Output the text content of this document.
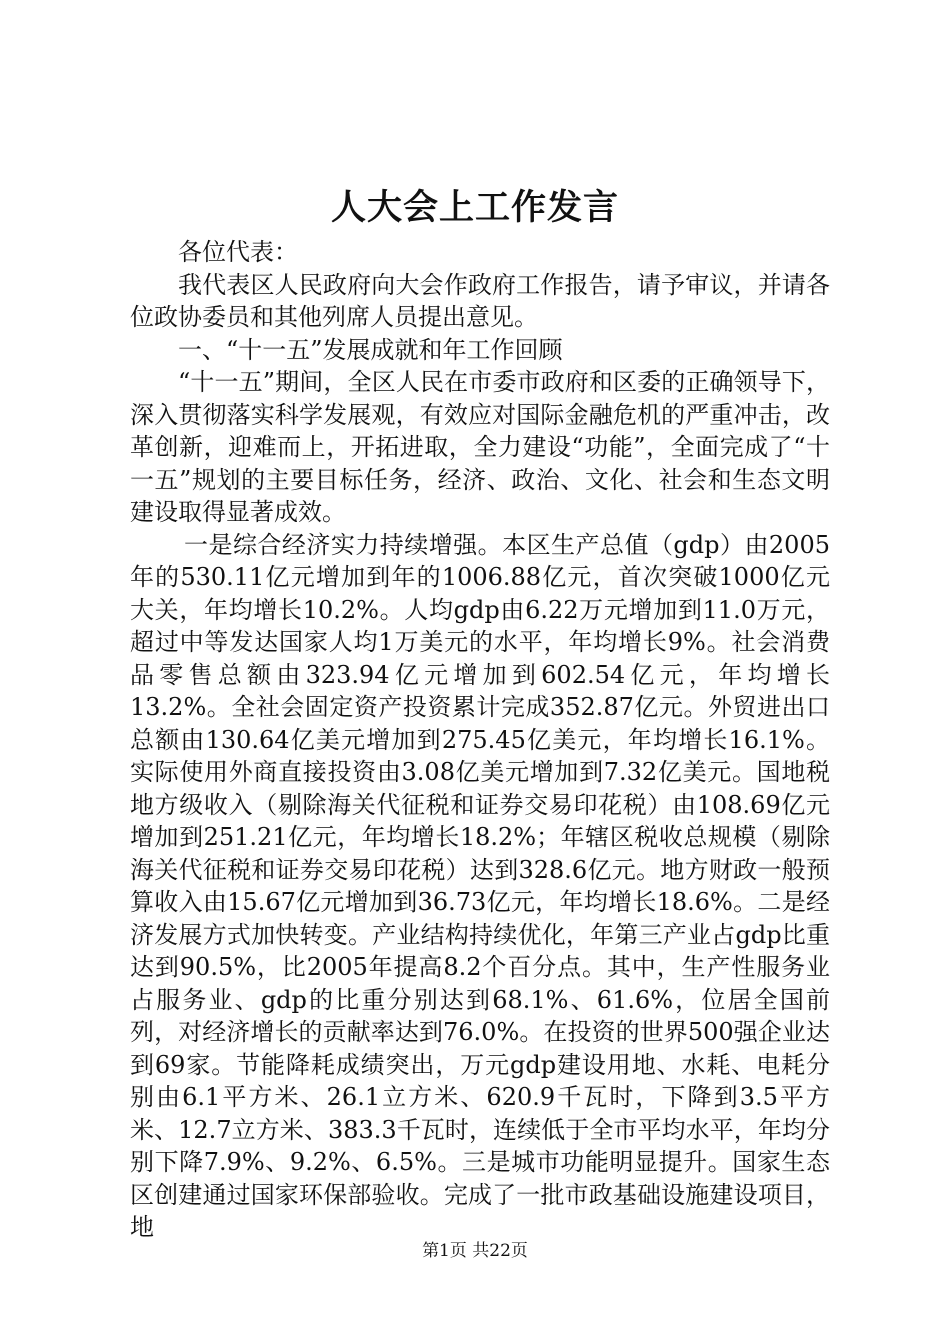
人大会上工作发言

各位代表：

我代表区人民政府向大会作政府工作报告，请予审议，并请各位政协委员和其他列席人员提出意见。

一、“十一五”发展成就和年工作回顾

“十一五”期间，全区人民在市委市政府和区委的正确领导下，深入贯彻落实科学发展观，有效应对国际金融危机的严重冲击，改革创新，迎难而上，开拓进取，全力建设“功能”，全面完成了“十一五”规划的主要目标任务，经济、政治、文化、社会和生态文明建设取得显著成效。

一是综合经济实力持续增强。本区生产总值（gdp）由2005年的530.11亿元增加到年的1006.88亿元，首次突破1000亿元大关，年均增长10.2%。人均gdp由6.22万元增加到11.0万元，超过中等发达国家人均1万美元的水平，年均增长9%。社会消费品零售总额由323.94亿元增加到602.54亿元，年均增长13.2%。全社会固定资产投资累计完成352.87亿元。外贸进出口总额由130.64亿美元增加到275.45亿美元，年均增长16.1%。实际使用外商直接投资由3.08亿美元增加到7.32亿美元。国地税地方级收入（剔除海关代征税和证券交易印花税）由108.69亿元增加到251.21亿元，年均增长18.2%；年辖区税收总规模（剔除海关代征税和证券交易印花税）达到328.6亿元。地方财政一般预算收入由15.67亿元增加到36.73亿元，年均增长18.6%。二是经济发展方式加快转变。产业结构持续优化，年第三产业占gdp比重达到90.5%，比2005年提高8.2个百分点。其中，生产性服务业占服务业、gdp的比重分别达到68.1%、61.6%，位居全国前列，对经济增长的贡献率达到76.0%。在投资的世界500强企业达到69家。节能降耗成绩突出，万元gdp建设用地、水耗、电耗分别由6.1平方米、26.1立方米、620.9千瓦时，下降到3.5平方米、12.7立方米、383.3千瓦时，连续低于全市平均水平，年均分别下降7.9%、9.2%、6.5%。三是城市功能明显提升。国家生态区创建通过国家环保部验收。完成了一批市政基础设施建设项目，地

第1页 共22页
